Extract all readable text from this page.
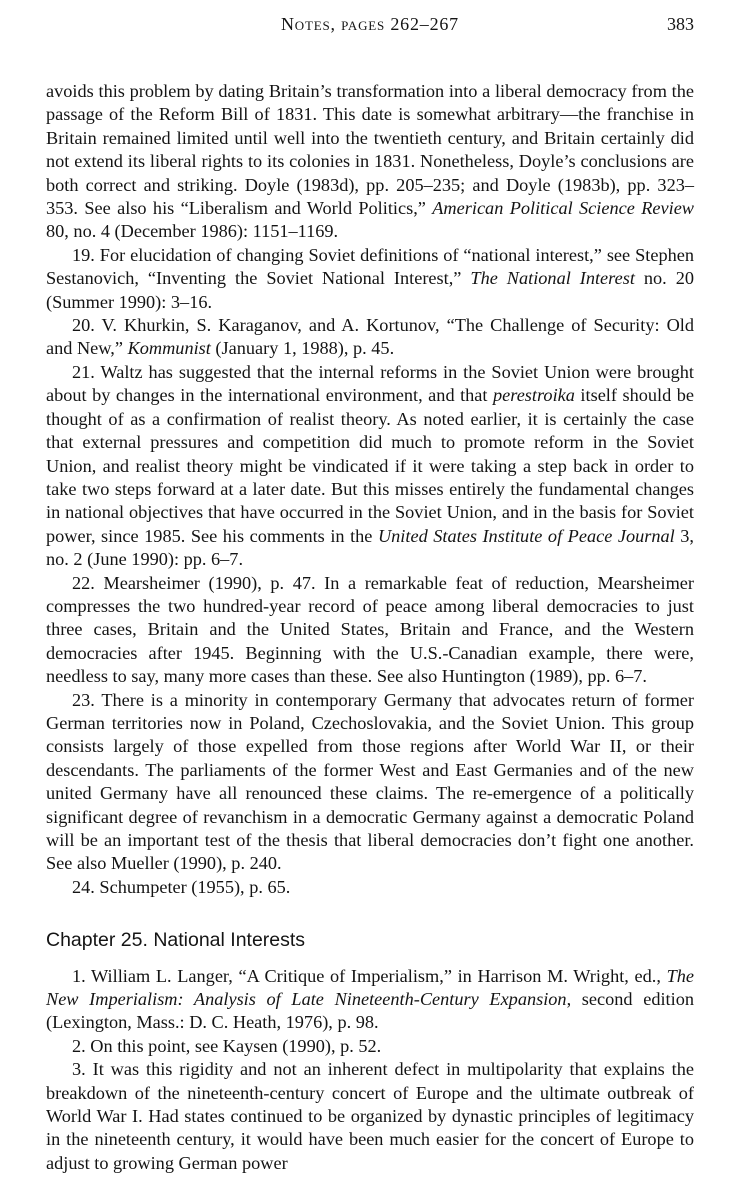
Notes, pages 262–267	383

avoids this problem by dating Britain’s transformation into a liberal democracy from the passage of the Reform Bill of 1831. This date is somewhat arbitrary—the franchise in Britain remained limited until well into the twentieth century, and Britain certainly did not extend its liberal rights to its colonies in 1831. Nonetheless, Doyle’s conclusions are both correct and striking. Doyle (1983d), pp. 205–235; and Doyle (1983b), pp. 323–353. See also his “Liberalism and World Politics,” American Political Science Review 80, no. 4 (December 1986): 1151–1169.

19. For elucidation of changing Soviet definitions of “national interest,” see Stephen Sestanovich, “Inventing the Soviet National Interest,” The National Interest no. 20 (Summer 1990): 3–16.

20. V. Khurkin, S. Karaganov, and A. Kortunov, “The Challenge of Security: Old and New,” Kommunist (January 1, 1988), p. 45.

21. Waltz has suggested that the internal reforms in the Soviet Union were brought about by changes in the international environment, and that perestroika itself should be thought of as a confirmation of realist theory. As noted earlier, it is certainly the case that external pressures and competition did much to promote reform in the Soviet Union, and realist theory might be vindicated if it were taking a step back in order to take two steps forward at a later date. But this misses entirely the fundamental changes in national objectives that have occurred in the Soviet Union, and in the basis for Soviet power, since 1985. See his comments in the United States Institute of Peace Journal 3, no. 2 (June 1990): pp. 6–7.

22. Mearsheimer (1990), p. 47. In a remarkable feat of reduction, Mearsheimer compresses the two hundred-year record of peace among liberal democracies to just three cases, Britain and the United States, Britain and France, and the Western democracies after 1945. Beginning with the U.S.-Canadian example, there were, needless to say, many more cases than these. See also Huntington (1989), pp. 6–7.

23. There is a minority in contemporary Germany that advocates return of former German territories now in Poland, Czechoslovakia, and the Soviet Union. This group consists largely of those expelled from those regions after World War II, or their descendants. The parliaments of the former West and East Germanies and of the new united Germany have all renounced these claims. The re-emergence of a politically significant degree of revanchism in a democratic Germany against a democratic Poland will be an important test of the thesis that liberal democracies don’t fight one another. See also Mueller (1990), p. 240.

24. Schumpeter (1955), p. 65.

Chapter 25. National Interests

1. William L. Langer, “A Critique of Imperialism,” in Harrison M. Wright, ed., The New Imperialism: Analysis of Late Nineteenth-Century Expansion, second edition (Lexington, Mass.: D. C. Heath, 1976), p. 98.

2. On this point, see Kaysen (1990), p. 52.

3. It was this rigidity and not an inherent defect in multipolarity that explains the breakdown of the nineteenth-century concert of Europe and the ultimate outbreak of World War I. Had states continued to be organized by dynastic principles of legitimacy in the nineteenth century, it would have been much easier for the concert of Europe to adjust to growing German power
